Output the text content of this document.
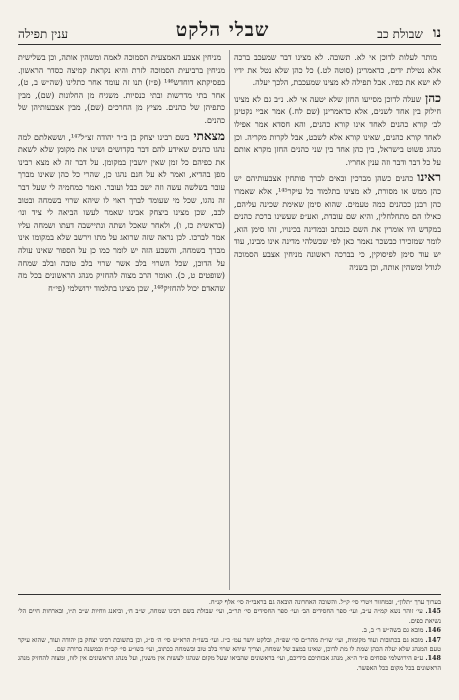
נו
שבולת כב
שבלי הלקט
ענין תפילה

מותר לעלות לדוכן אי לא. תשובה. לא מצינו דבר שמעכב ברכה אלא נטילת ידים, כדאמרינן (סוטה לט.) כל כהן שלא נטל את ידיו לא ישא את כפיו. אבל תפילה לא מצינו שמעכבת, הלכך יעלה.

כהןשעלה לדוכן מסייעו החזן שלא יטעה אי לא. נ״ב גם לא מצינו חילוק בין אחד לשנים, אלא כדאמרינן (שם לח.) אמר אביי נקטינן לב׳ קורא כהנים לאחד אינו קורא כהנים, והא חסדא אמר אפילו לאחד קורא כהנים, שאינו קורא אלא לשבט, אבל לקרות מקריה. וכן מנהג פשוט בישראל, בין כהן אחד בין שני כהנים החזן מקרא אותם על כל דבר ודבר וזה ענין אחריו.

ראינוכהנים כשהן מברכין ובאים לברך פותחין אצבעותיהם יש כהן ממש או מסורת, לא מצינו בתלמוד כל עיקר¹⁴⁵, אלא שאמרו כהן רבנן ככהנים כמה טעמים. שהוא סימן שאימת שכינה עליהם, כאילו הם מתחלחלין, והיא שם עובדת, ואע״פ שעשינו ברכת כהנים במקדש היו אומרין את השם כנכתב ובמדינה בכינויו, זהו סימן הוא, לומר שמזכירו כבשכר נאמר כאן לפי שבשלהי מדינה אינו מבינו, עוד יש עוד סימן לפיסוקין, כי בברכה ראשונה מניחין אצבע הסמוכה לגודל ומשהין אותה, וכן בשניה

מניחין אצבע האמצעית הסמוכה לאמה ומשהין אותה, וכן בשלישית מניחין ברביעית הסמוכה לזרת והיא נקראת קמיצה כסדר הראשון. בפסיקתא דוחדש¹⁴⁶ (פ״ז) תנו זה עומד אחר כתלינו (שה״ש ב, ט), אחר בתי מדרשות ובתי כנסיות. משגיח מן החלונות (שם), מבין כתפיהן של כהנים. מציץ מן החרכים (שם), מבין אצבעותיהן של כהנים.

מצאתיבשם רבינו יצחק בן ב״ר יהודה זצ״ל¹⁴⁷, וששאלתם למה נהגו כהנים שאידע להם דבר בקדושים ושינו את מקומן שלא לשאת את כפיהם כל זמן שאין יושבין במקומן. על דבר זה לא מצא רבינו מפן בהדיא, ואמר לא על חנם נהגו כן, שהרי כל כהן שאינו מברך עובר בשלשה עשה וזה ישב כבל ועובר. ואמר כמחמיה לי שעל דבר זה נהגו, שכל מי שעומד לברך ראוי לו שיהא שרוי בשמחה ובטוב לבב, שכן מצינו ביצחק אבינו שאמר לעשו הביאה לי ציד ונו׳ (בראשית כז, ו), ולאחר שאכל ושתה ונתיישבה דעתו ושמחה עליו אמר לברכו. לכן נראה שזה שרואג על מתו וירשב שלא במקומו אינו מברך בשמחה, והשבע הזה יש לומר כמו כן על הספור שאינו עולה על הדוכן, שכל השרוי בלב אשר שרוי בלב טובה ובלב שמחה (שופטים ט, כ). ואומר הרב מצוה להחזיק מנהג הראשונים בכל מה שהאדם יכול להחזיק¹⁴⁸, שכן מצינו בתלמוד ירושלמי (פי״ח

בערוך ערך ״תלון״, ובמחזור ויטרי סי׳ ק״ל. והשוכה האחרונה הובאה גם בראבי״ה סי׳ אלף קנ״ח.

145. עי׳ זוהר נשא קמ״ה ע״ב, ועי׳ ספר החסידים הב׳ ועי׳ ספר החסידים סי׳ תר״ב, ועי׳ שבולת בשם רבינו שמחה, ש״ב ח׳, וביאנג ווחיות ש״ב ת״ו, ובארחות חיים הל׳ נשיאת כפים.

146. מובא גם בשה״ש ר׳ ב, ב.

147. מובא גם בכתובות ועוד מקומות, ועי׳ שו״ת מהר״ם סי׳ שפ״ה, ובלקט יושר עמ׳ כ״ז. ועי׳ בשו״ת הרא״ש סי׳ ה׳ ס״ג, וכן בתשובת רבינו יצחק בן יהודה ועוד, שהוא עיקר טעם המנהג שלא יעלה הכהן שמת לו מת לדוכן, שאינו במצב של שמחה, וצריך שיהא שרוי בלב טוב ובשמחה ככתוב, ועי׳ בשו״ע סי׳ קכ״ח ובמשנה ברורה שם.

148. ע״פ הירושלמי פסחים פ״ד ה״א, מנהג אבותיכם בידיכם, ועי׳ בראשונים שהביאו שעל מקום שנהגו לעשות אין משנין, ועל מנהג הראשונים אין לזוז, ומצוה להחזיק מנהג הראשונים בכל מקום ככל האפשר.
